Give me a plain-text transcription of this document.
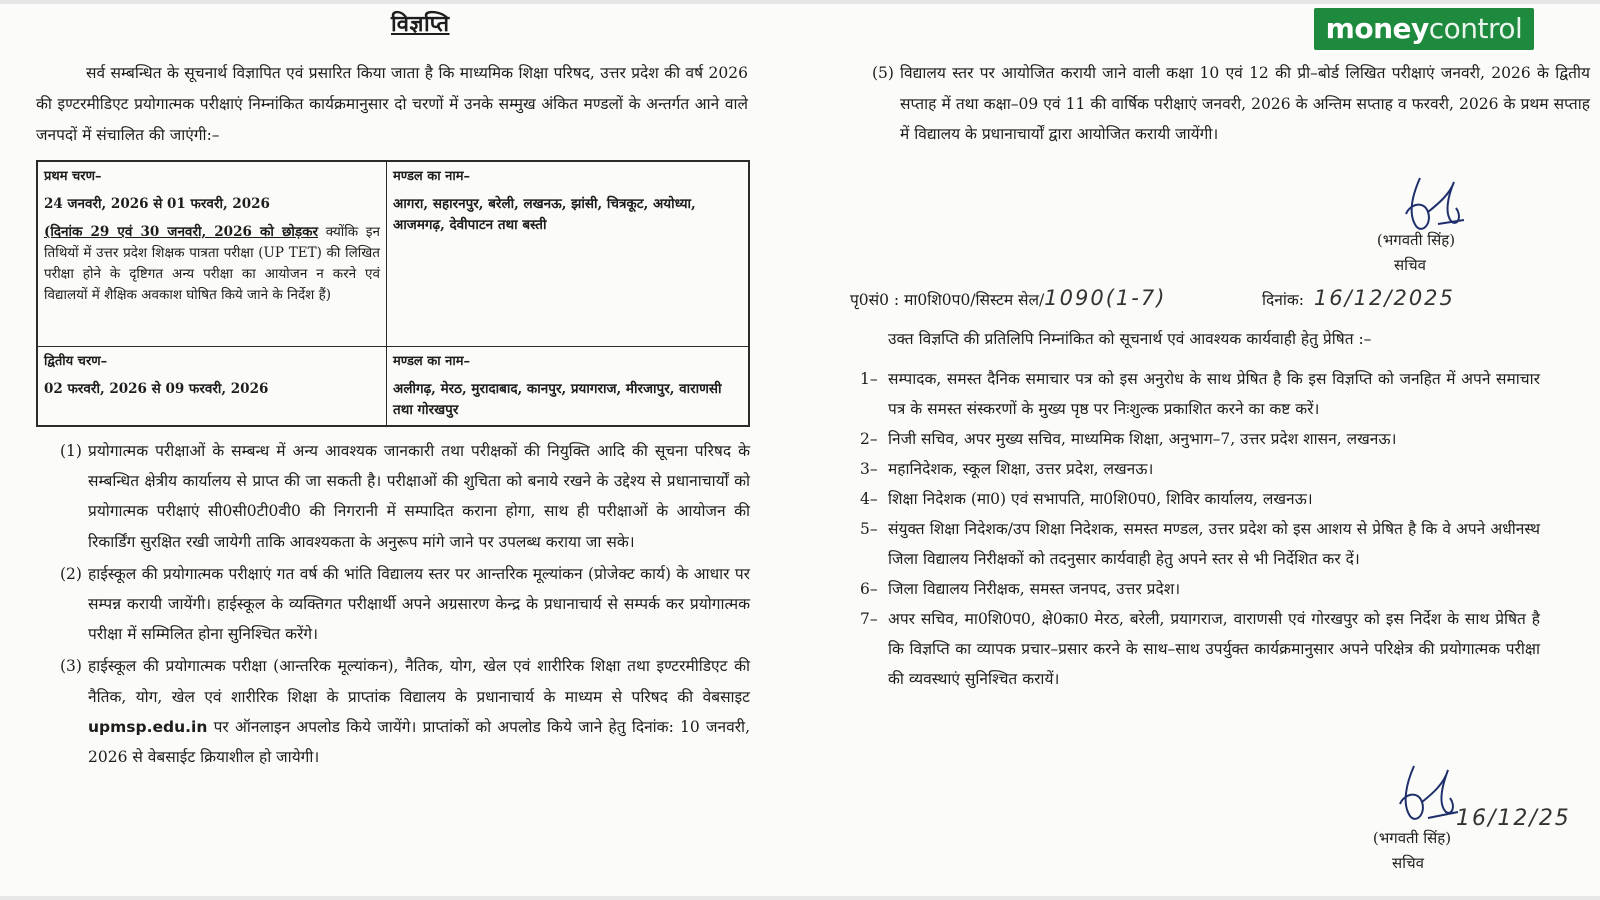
moneycontrol
विज्ञप्ति

सर्व सम्बन्धित के सूचनार्थ विज्ञापित एवं प्रसारित किया जाता है कि माध्यमिक शिक्षा परिषद, उत्तर प्रदेश की वर्ष 2026 की इण्टरमीडिएट प्रयोगात्मक परीक्षाएं निम्नांकित कार्यक्रमानुसार दो चरणों में उनके सम्मुख अंकित मण्डलों के अन्तर्गत आने वाले जनपदों में संचालित की जाएंगी:–

प्रथम चरण–
24 जनवरी, 2026 से 01 फरवरी, 2026
(दिनांक 29 एवं 30 जनवरी, 2026 को छोड़कर क्योंकि इन तिथियों में उत्तर प्रदेश शिक्षक पात्रता परीक्षा (UP TET) की लिखित परीक्षा होने के दृष्टिगत अन्य परीक्षा का आयोजन न करने एवं विद्यालयों में शैक्षिक अवकाश घोषित किये जाने के निर्देश हैं)	मण्डल का नाम–
आगरा, सहारनपुर, बरेली, लखनऊ, झांसी, चित्रकूट, अयोध्या, आजमगढ़, देवीपाटन तथा बस्ती

द्वितीय चरण–
02 फरवरी, 2026 से 09 फरवरी, 2026	मण्डल का नाम–
अलीगढ़, मेरठ, मुरादाबाद, कानपुर, प्रयागराज, मीरजापुर, वाराणसी तथा गोरखपुर
(1) प्रयोगात्मक परीक्षाओं के सम्बन्ध में अन्य आवश्यक जानकारी तथा परीक्षकों की नियुक्ति आदि की सूचना परिषद के सम्बन्धित क्षेत्रीय कार्यालय से प्राप्त की जा सकती है। परीक्षाओं की शुचिता को बनाये रखने के उद्देश्य से प्रधानाचार्यों को प्रयोगात्मक परीक्षाएं सी0सी0टी0वी0 की निगरानी में सम्पादित कराना होगा, साथ ही परीक्षाओं के आयोजन की रिकार्डिंग सुरक्षित रखी जायेगी ताकि आवश्यकता के अनुरूप मांगे जाने पर उपलब्ध कराया जा सके।
(2) हाईस्कूल की प्रयोगात्मक परीक्षाएं गत वर्ष की भांति विद्यालय स्तर पर आन्तरिक मूल्यांकन (प्रोजेक्ट कार्य) के आधार पर सम्पन्न करायी जायेंगी। हाईस्कूल के व्यक्तिगत परीक्षार्थी अपने अग्रसारण केन्द्र के प्रधानाचार्य से सम्पर्क कर प्रयोगात्मक परीक्षा में सम्मिलित होना सुनिश्चित करेंगे।
(3) हाईस्कूल की प्रयोगात्मक परीक्षा (आन्तरिक मूल्यांकन), नैतिक, योग, खेल एवं शारीरिक शिक्षा तथा इण्टरमीडिएट की नैतिक, योग, खेल एवं शारीरिक शिक्षा के प्राप्तांक विद्यालय के प्रधानाचार्य के माध्यम से परिषद की वेबसाइट upmsp.edu.in पर ऑनलाइन अपलोड किये जायेंगे। प्राप्तांकों को अपलोड किये जाने हेतु दिनांक: 10 जनवरी, 2026 से वेबसाईट क्रियाशील हो जायेगी।

(5) विद्यालय स्तर पर आयोजित करायी जाने वाली कक्षा 10 एवं 12 की प्री–बोर्ड लिखित परीक्षाएं जनवरी, 2026 के द्वितीय सप्ताह में तथा कक्षा–09 एवं 11 की वार्षिक परीक्षाएं जनवरी, 2026 के अन्तिम सप्ताह व फरवरी, 2026 के प्रथम सप्ताह में विद्यालय के प्रधानाचार्यों द्वारा आयोजित करायी जायेंगी।

(भगवती सिंह)
सचिव
पृ0सं0 : मा0शि0प0/सिस्टम सेल/1090(1-7)	दिनांक: 16/12/2025
उक्त विज्ञप्ति की प्रतिलिपि निम्नांकित को सूचनार्थ एवं आवश्यक कार्यवाही हेतु प्रेषित :–
1– सम्पादक, समस्त दैनिक समाचार पत्र को इस अनुरोध के साथ प्रेषित है कि इस विज्ञप्ति को जनहित में अपने समाचार पत्र के समस्त संस्करणों के मुख्य पृष्ठ पर निःशुल्क प्रकाशित करने का कष्ट करें।
2– निजी सचिव, अपर मुख्य सचिव, माध्यमिक शिक्षा, अनुभाग–7, उत्तर प्रदेश शासन, लखनऊ।
3– महानिदेशक, स्कूल शिक्षा, उत्तर प्रदेश, लखनऊ।
4– शिक्षा निदेशक (मा0) एवं सभापति, मा0शि0प0, शिविर कार्यालय, लखनऊ।
5– संयुक्त शिक्षा निदेशक/उप शिक्षा निदेशक, समस्त मण्डल, उत्तर प्रदेश को इस आशय से प्रेषित है कि वे अपने अधीनस्थ जिला विद्यालय निरीक्षकों को तदनुसार कार्यवाही हेतु अपने स्तर से भी निर्देशित कर दें।
6– जिला विद्यालय निरीक्षक, समस्त जनपद, उत्तर प्रदेश।
7– अपर सचिव, मा0शि0प0, क्षे0का0 मेरठ, बरेली, प्रयागराज, वाराणसी एवं गोरखपुर को इस निर्देश के साथ प्रेषित है कि विज्ञप्ति का व्यापक प्रचार–प्रसार करने के साथ–साथ उपर्युक्त कार्यक्रमानुसार अपने परिक्षेत्र की प्रयोगात्मक परीक्षा की व्यवस्थाएं सुनिश्चित करायें।
16/12/25
(भगवती सिंह)
सचिव
